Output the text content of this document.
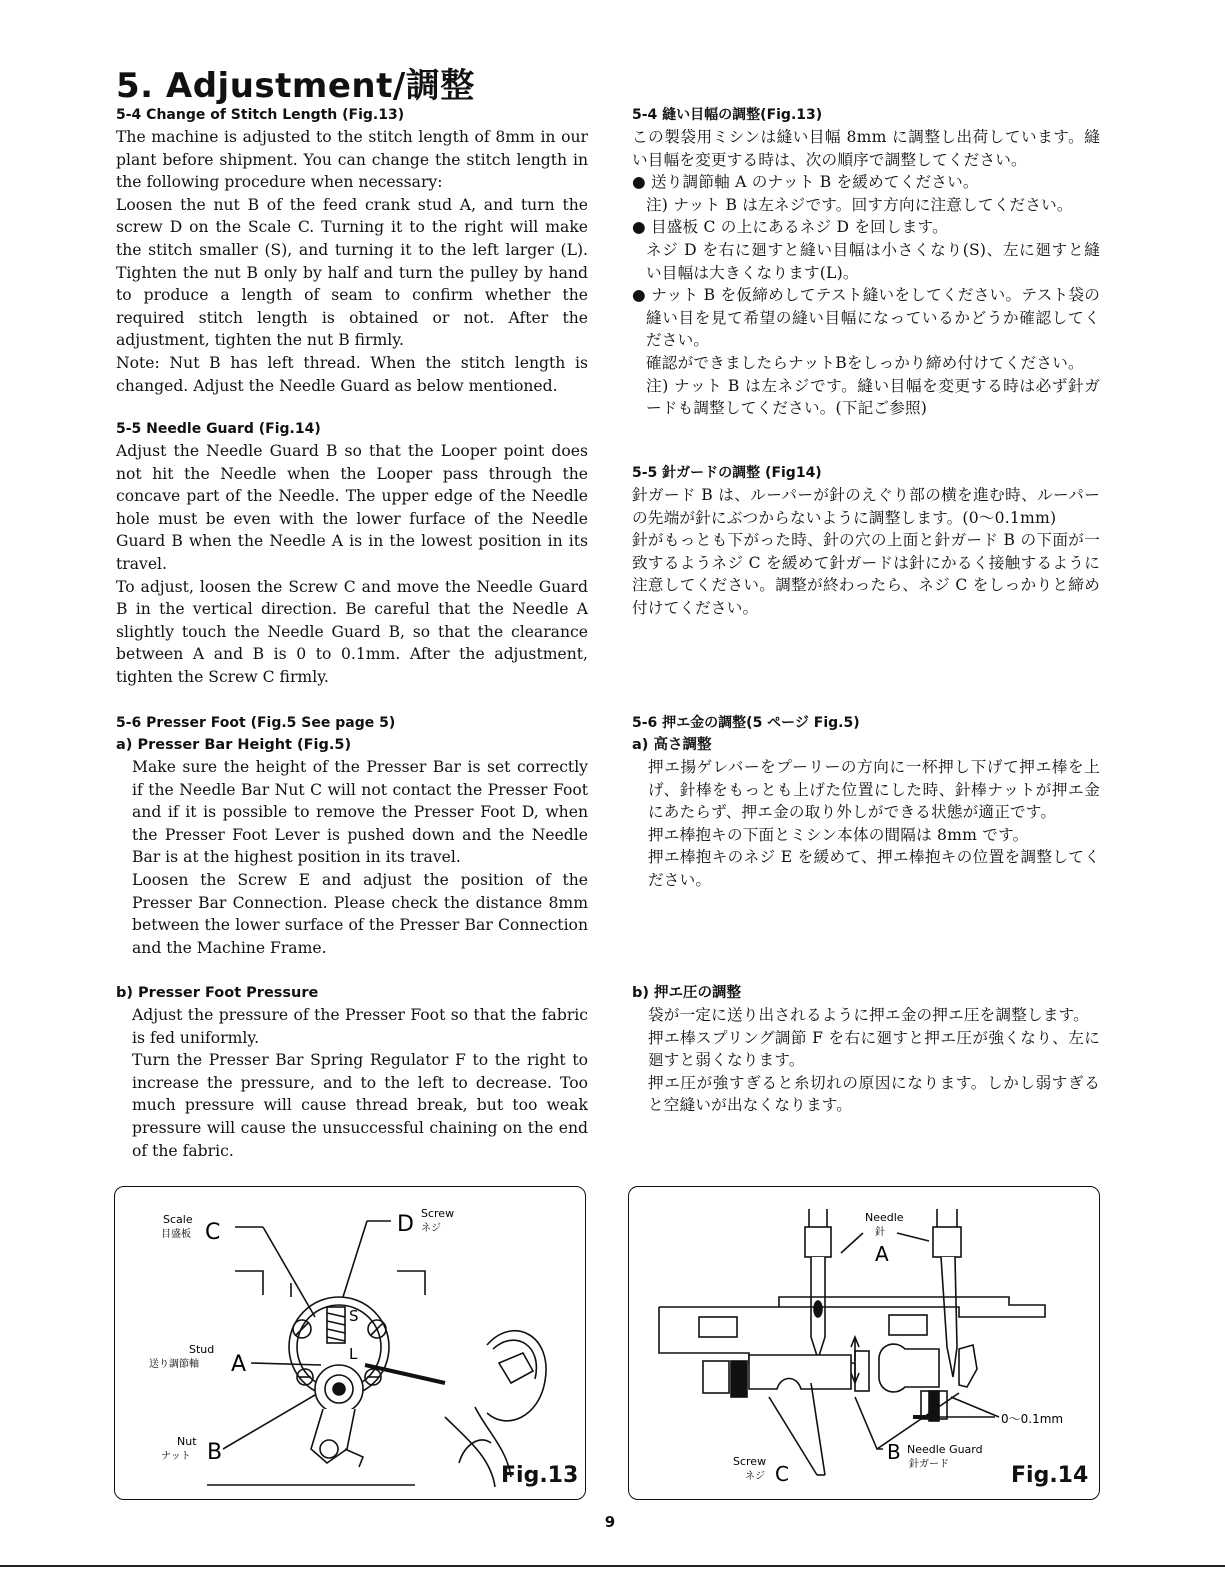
5. Adjustment/調整
5-4 Change of Stitch Length (Fig.13)

The machine is adjusted to the stitch length of 8mm in our plant before shipment. You can change the stitch length in the following procedure when necessary:

Loosen the nut B of the feed crank stud A, and turn the screw D on the Scale C. Turning it to the right will make the stitch smaller (S), and turning it to the left larger (L). Tighten the nut B only by half and turn the pulley by hand to produce a length of seam to confirm whether the required stitch length is obtained or not. After the adjustment, tighten the nut B firmly.

Note: Nut B has left thread. When the stitch length is changed. Adjust the Needle Guard as below mentioned.

5-5 Needle Guard (Fig.14)

Adjust the Needle Guard B so that the Looper point does not hit the Needle when the Looper pass through the concave part of the Needle. The upper edge of the Needle hole must be even with the lower furface of the Needle Guard B when the Needle A is in the lowest position in its travel.

To adjust, loosen the Screw C and move the Needle Guard B in the vertical direction. Be careful that the Needle A slightly touch the Needle Guard B, so that the clearance between A and B is 0 to 0.1mm. After the adjustment, tighten the Screw C firmly.

5-6 Presser Foot (Fig.5 See page 5)
a) Presser Bar Height (Fig.5)

Make sure the height of the Presser Bar is set correctly if the Needle Bar Nut C will not contact the Presser Foot and if it is possible to remove the Presser Foot D, when the Presser Foot Lever is pushed down and the Needle Bar is at the highest position in its travel.

Loosen the Screw E and adjust the position of the Presser Bar Connection. Please check the distance 8mm between the lower surface of the Presser Bar Connection and the Machine Frame.

b) Presser Foot Pressure

Adjust the pressure of the Presser Foot so that the fabric is fed uniformly.

Turn the Presser Bar Spring Regulator F to the right to increase the pressure, and to the left to decrease. Too much pressure will cause thread break, but too weak pressure will cause the unsuccessful chaining on the end of the fabric.

5-4 縫い目幅の調整(Fig.13)

この製袋用ミシンは縫い目幅 8mm に調整し出荷しています。縫い目幅を変更する時は、次の順序で調整してください。

● 送り調節軸 A のナット B を緩めてください。

注) ナット B は左ネジです。回す方向に注意してください。

● 目盛板 C の上にあるネジ D を回します。

ネジ D を右に廻すと縫い目幅は小さくなり(S)、左に廻すと縫い目幅は大きくなります(L)。

● ナット B を仮締めしてテスト縫いをしてください。テスト袋の縫い目を見て希望の縫い目幅になっているかどうか確認してください。

確認ができましたらナットBをしっかり締め付けてください。

注) ナット B は左ネジです。縫い目幅を変更する時は必ず針ガードも調整してください。(下記ご参照)

5-5 針ガードの調整 (Fig14)

針ガード B は、ルーパーが針のえぐり部の横を進む時、ルーパーの先端が針にぶつからないように調整します。(0～0.1mm)

針がもっとも下がった時、針の穴の上面と針ガード B の下面が一致するようネジ C を緩めて針ガードは針にかるく接触するように注意してください。調整が終わったら、ネジ C をしっかりと締め付けてください。

5-6 押エ金の調整(5 ページ Fig.5)
a) 高さ調整

押エ揚ゲレバーをプーリーの方向に一杯押し下げて押エ棒を上げ、針棒をもっとも上げた位置にした時、針棒ナットが押エ金にあたらず、押エ金の取り外しができる状態が適正です。

押エ棒抱キの下面とミシン本体の間隔は 8mm です。

押エ棒抱キのネジ E を緩めて、押エ棒抱キの位置を調整してください。

b) 押エ圧の調整

袋が一定に送り出されるように押エ金の押エ圧を調整します。

押エ棒スプリング調節 F を右に廻すと押エ圧が強くなり、左に廻すと弱くなります。

押エ圧が強すぎると糸切れの原因になります。しかし弱すぎると空縫いが出なくなります。

Scale
目盛板 C
Screw
ネジ
D
Stud
送り調節軸 A
Nut
ナット B
S
L
Fig.13
Needle
針
A
0～0.1mm
B Needle Guard
針ガード
Screw
ネジ C	Fig.14
9
